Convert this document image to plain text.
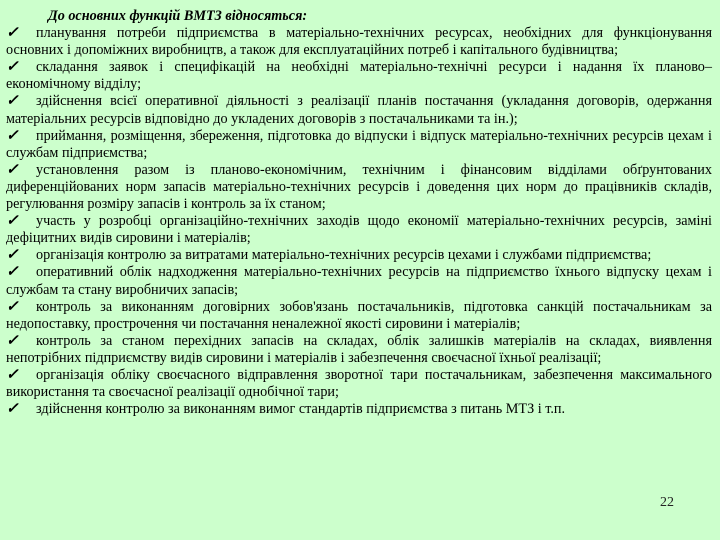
До основних функцій ВМТЗ відносяться:

✓ планування потреби підприємства в матеріально-технічних ресурсах, необхідних для функціонування основних і допоміжних виробництв, а також для експлуатаційних потреб і капітального будівництва;

✓ складання заявок і специфікацій на необхідні матеріально-технічні ресурси і надання їх планово–економічному відділу;

✓ здійснення всієї оперативної діяльності з реалізації планів постачання (укладання договорів, одержання матеріальних ресурсів відповідно до укладених договорів з постачальниками та ін.);

✓ приймання, розміщення, збереження, підготовка до відпуски і відпуск матеріально-технічних ресурсів цехам і службам підприємства;

✓ установлення разом із планово-економічним, технічним і фінансовим відділами обґрунтованих диференційованих норм запасів матеріально-технічних ресурсів і доведення цих норм до працівників складів, регулювання розміру запасів і контроль за їх станом;

✓ участь у розробці організаційно-технічних заходів щодо економії матеріально-технічних ресурсів, заміні дефіцитних видів сировини і матеріалів;

✓ організація контролю за витратами матеріально-технічних ресурсів цехами і службами підприємства;

✓ оперативний облік надходження матеріально-технічних ресурсів на підприємство їхнього відпуску цехам і службам та стану виробничих запасів;

✓ контроль за виконанням договірних зобов'язань постачальників, підготовка санкцій постачальникам за недопоставку, прострочення чи постачання неналежної якості сировини і матеріалів;

✓ контроль за станом перехідних запасів на складах, облік залишків матеріалів на складах, виявлення непотрібних підприємству видів сировини і матеріалів і забезпечення своєчасної їхньої реалізації;

✓ організація обліку своєчасного відправлення зворотної тари постачальникам, забезпечення максимального використання та своєчасної реалізації однобічної тари;

✓ здійснення контролю за виконанням вимог стандартів підприємства з питань МТЗ і т.п.

22
